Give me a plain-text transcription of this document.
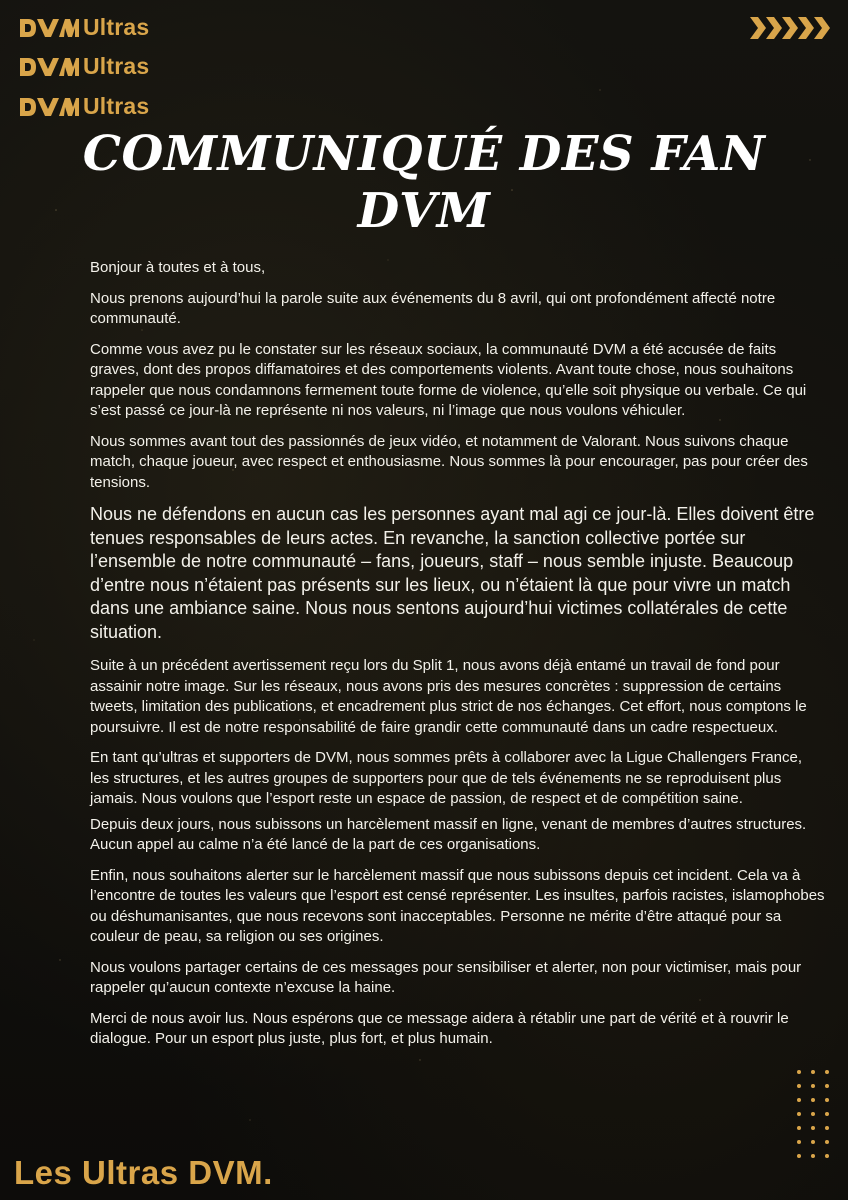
Ultras
Ultras
Ultras
COMMUNIQUÉ DES FAN
DVM

Bonjour à toutes et à tous,

Nous prenons aujourd’hui la parole suite aux événements du 8 avril, qui ont profondément affecté notre communauté.

Comme vous avez pu le constater sur les réseaux sociaux, la communauté DVM a été accusée de faits graves, dont des propos diffamatoires et des comportements violents. Avant toute chose, nous souhaitons rappeler que nous condamnons fermement toute forme de violence, qu’elle soit physique ou verbale. Ce qui s’est passé ce jour-là ne représente ni nos valeurs, ni l’image que nous voulons véhiculer.

Nous sommes avant tout des passionnés de jeux vidéo, et notamment de Valorant. Nous suivons chaque match, chaque joueur, avec respect et enthousiasme. Nous sommes là pour encourager, pas pour créer des tensions.

Nous ne défendons en aucun cas les personnes ayant mal agi ce jour-là. Elles doivent être tenues responsables de leurs actes. En revanche, la sanction collective portée sur l’ensemble de notre communauté – fans, joueurs, staff – nous semble injuste. Beaucoup d’entre nous n’étaient pas présents sur les lieux, ou n’étaient là que pour vivre un match dans une ambiance saine. Nous nous sentons aujourd’hui victimes collatérales de cette situation.

Suite à un précédent avertissement reçu lors du Split 1, nous avons déjà entamé un travail de fond pour assainir notre image. Sur les réseaux, nous avons pris des mesures concrètes : suppression de certains tweets, limitation des publications, et encadrement plus strict de nos échanges. Cet effort, nous comptons le poursuivre. Il est de notre responsabilité de faire grandir cette communauté dans un cadre respectueux.

En tant qu’ultras et supporters de DVM, nous sommes prêts à collaborer avec la Ligue Challengers France, les structures, et les autres groupes de supporters pour que de tels événements ne se reproduisent plus jamais. Nous voulons que l’esport reste un espace de passion, de respect et de compétition saine.

Depuis deux jours, nous subissons un harcèlement massif en ligne, venant de membres d’autres structures. Aucun appel au calme n’a été lancé de la part de ces organisations.

Enfin, nous souhaitons alerter sur le harcèlement massif que nous subissons depuis cet incident. Cela va à l’encontre de toutes les valeurs que l’esport est censé représenter. Les insultes, parfois racistes, islamophobes ou déshumanisantes, que nous recevons sont inacceptables. Personne ne mérite d’être attaqué pour sa couleur de peau, sa religion ou ses origines.

Nous voulons partager certains de ces messages pour sensibiliser et alerter, non pour victimiser, mais pour rappeler qu’aucun contexte n’excuse la haine.

Merci de nous avoir lus. Nous espérons que ce message aidera à rétablir une part de vérité et à rouvrir le dialogue. Pour un esport plus juste, plus fort, et plus humain.

Les Ultras DVM.
